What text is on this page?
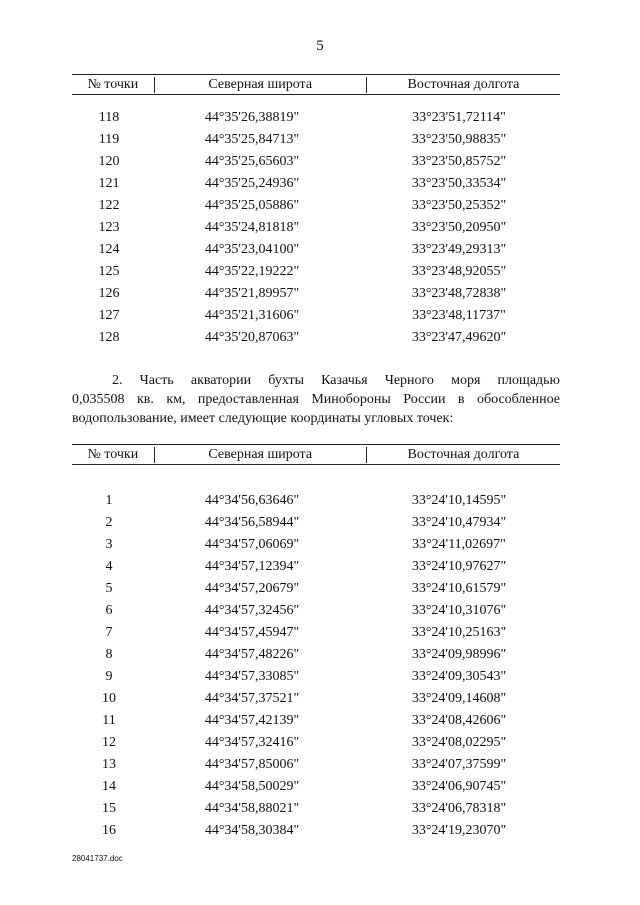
5
№ точки	Северная широта	Восточная долгота
118	44°35'26,38819"	33°23'51,72114"
119	44°35'25,84713"	33°23'50,98835"
120	44°35'25,65603"	33°23'50,85752"
121	44°35'25,24936"	33°23'50,33534"
122	44°35'25,05886"	33°23'50,25352"
123	44°35'24,81818"	33°23'50,20950"
124	44°35'23,04100"	33°23'49,29313"
125	44°35'22,19222"	33°23'48,92055"
126	44°35'21,89957"	33°23'48,72838"
127	44°35'21,31606"	33°23'48,11737"
128	44°35'20,87063"	33°23'47,49620"
2. Часть акватории бухты Казачья Черного моря площадью
0,035508 кв. км, предоставленная Минобороны России в обособленное
водопользование, имеет следующие координаты угловых точек:
№ точки	Северная широта	Восточная долгота
1	44°34'56,63646"	33°24'10,14595"
2	44°34'56,58944"	33°24'10,47934"
3	44°34'57,06069"	33°24'11,02697"
4	44°34'57,12394"	33°24'10,97627"
5	44°34'57,20679"	33°24'10,61579"
6	44°34'57,32456"	33°24'10,31076"
7	44°34'57,45947"	33°24'10,25163"
8	44°34'57,48226"	33°24'09,98996"
9	44°34'57,33085"	33°24'09,30543"
10	44°34'57,37521"	33°24'09,14608"
11	44°34'57,42139"	33°24'08,42606"
12	44°34'57,32416"	33°24'08,02295"
13	44°34'57,85006"	33°24'07,37599"
14	44°34'58,50029"	33°24'06,90745"
15	44°34'58,88021"	33°24'06,78318"
16	44°34'58,30384"	33°24'19,23070"
28041737.doc
